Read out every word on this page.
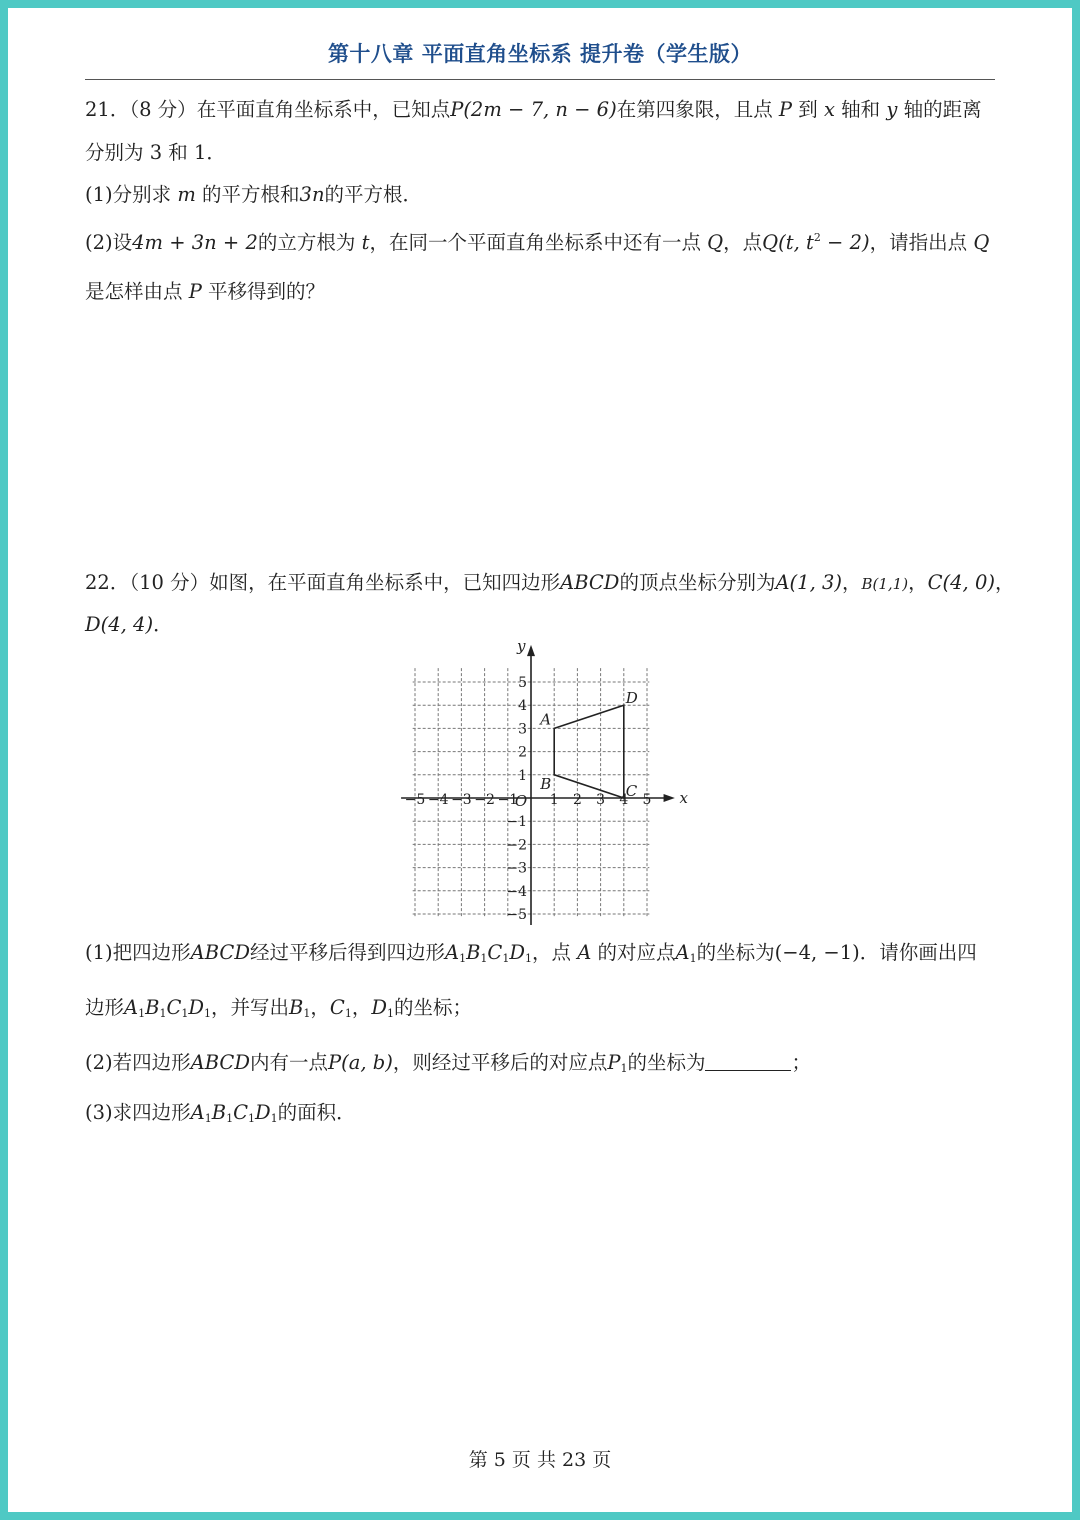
第十八章 平面直角坐标系 提升卷（学生版）
21．（8 分）在平面直角坐标系中，已知点P(2m − 7, n − 6)在第四象限，且点 P 到 x 轴和 y 轴的距离
分别为 3 和 1．
(1)分别求 m 的平方根和3n的平方根．
(2)设4m + 3n + 2的立方根为 t，在同一个平面直角坐标系中还有一点 Q，点Q(t, $t^2 - 2$)，请指出点 Q
是怎样由点 P 平移得到的？
22．（10 分）如图，在平面直角坐标系中，已知四边形ABCD的顶点坐标分别为A(1, 3)，B(1,1)，C(4, 0)，
D(4, 4)．
x
y
O
−5 −4 −3 −2 −1 1 2 3 4 5
5
4
3
2
1
−1
−2
−3
−4
−5
A
B	C
D
(1)把四边形ABCD经过平移后得到四边形$A_1B_1C_1D_1$，点 A 的对应点$A_1$的坐标为(−4, −1)．请你画出四
边形$A_1B_1C_1D_1$，并写出$B_1$，$C_1$，$D_1$的坐标；
(2)若四边形ABCD内有一点P(a, b)，则经过平移后的对应点$P_1$的坐标为	；
(3)求四边形$A_1B_1C_1D_1$的面积．
第 5 页 共 23 页
